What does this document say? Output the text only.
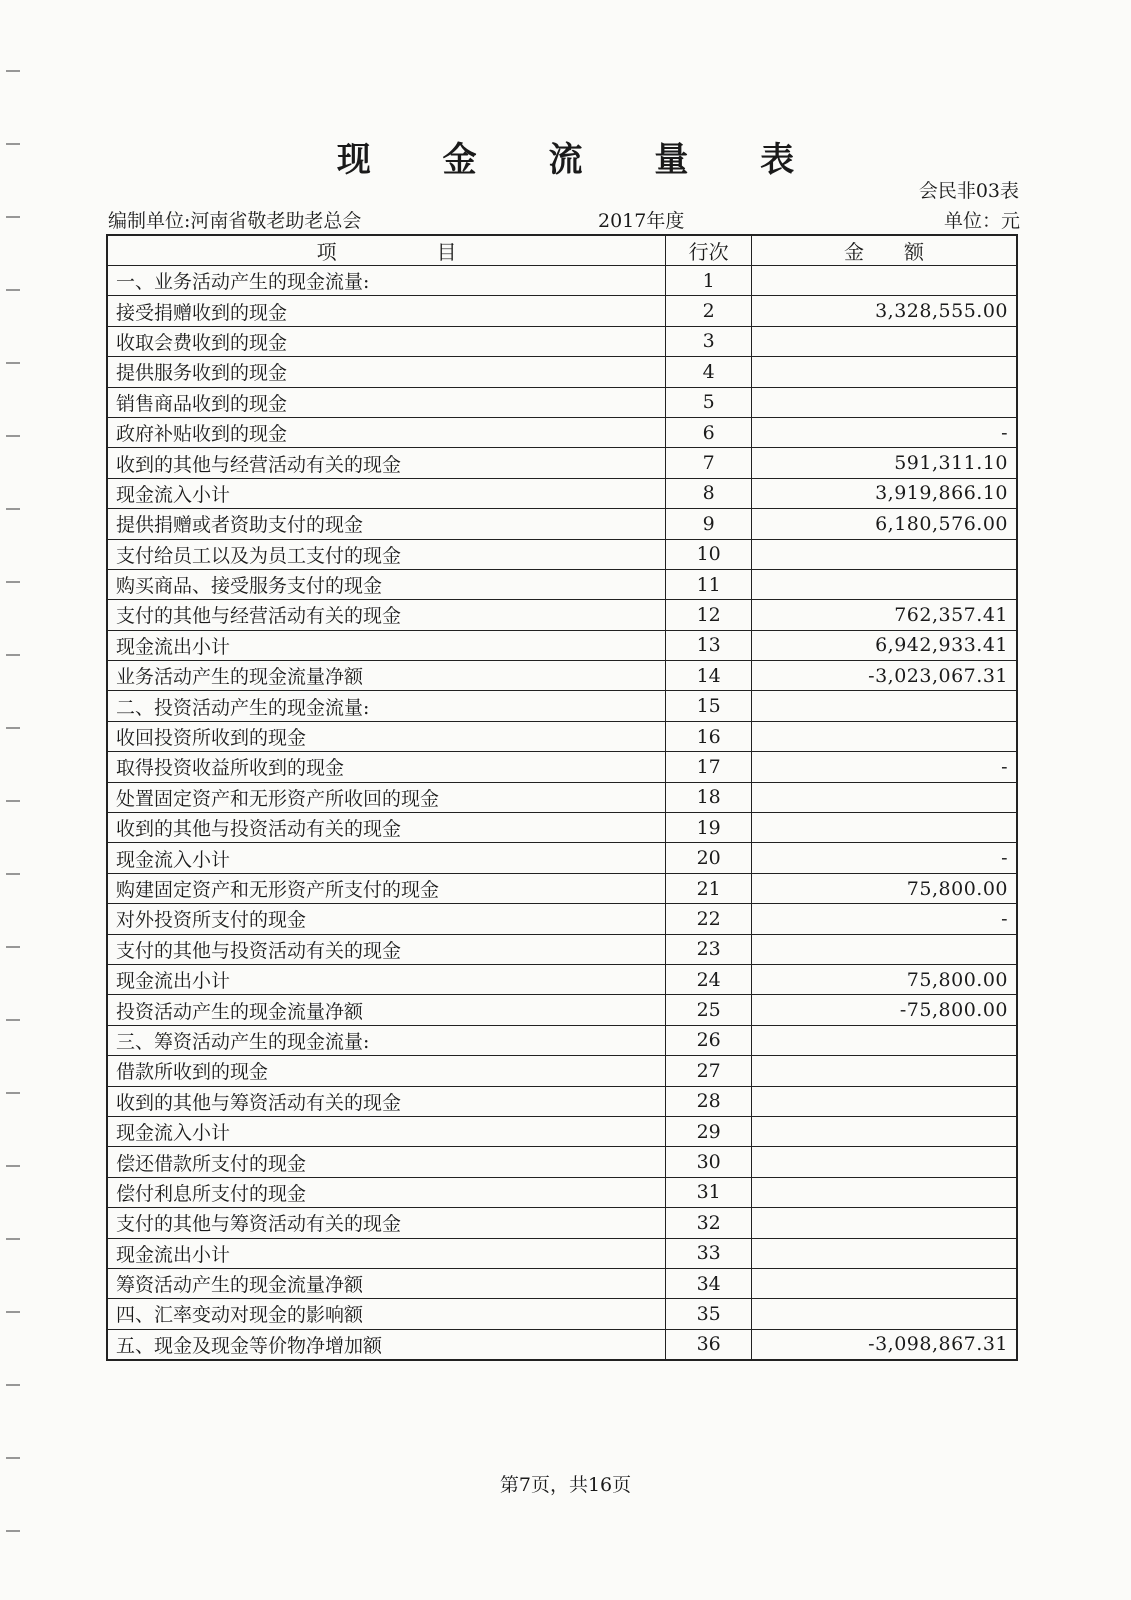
现 金 流 量 表
会民非03表
编制单位:河南省敬老助老总会	2017年度	单位：元
项　　　　　目	行次	金　　额
一、业务活动产生的现金流量:	1	
接受捐赠收到的现金	2	3,328,555.00
收取会费收到的现金	3	
提供服务收到的现金	4	
销售商品收到的现金	5	
政府补贴收到的现金	6	-
收到的其他与经营活动有关的现金	7	591,311.10
现金流入小计	8	3,919,866.10
提供捐赠或者资助支付的现金	9	6,180,576.00
支付给员工以及为员工支付的现金	10	
购买商品、接受服务支付的现金	11	
支付的其他与经营活动有关的现金	12	762,357.41
现金流出小计	13	6,942,933.41
业务活动产生的现金流量净额	14	-3,023,067.31
二、投资活动产生的现金流量:	15	
收回投资所收到的现金	16	
取得投资收益所收到的现金	17	-
处置固定资产和无形资产所收回的现金	18	
收到的其他与投资活动有关的现金	19	
现金流入小计	20	-
购建固定资产和无形资产所支付的现金	21	75,800.00
对外投资所支付的现金	22	-
支付的其他与投资活动有关的现金	23	
现金流出小计	24	75,800.00
投资活动产生的现金流量净额	25	-75,800.00
三、筹资活动产生的现金流量:	26	
借款所收到的现金	27	
收到的其他与筹资活动有关的现金	28	
现金流入小计	29	
偿还借款所支付的现金	30	
偿付利息所支付的现金	31	
支付的其他与筹资活动有关的现金	32	
现金流出小计	33	
筹资活动产生的现金流量净额	34	
四、汇率变动对现金的影响额	35	
五、现金及现金等价物净增加额	36	-3,098,867.31
第7页，共16页
